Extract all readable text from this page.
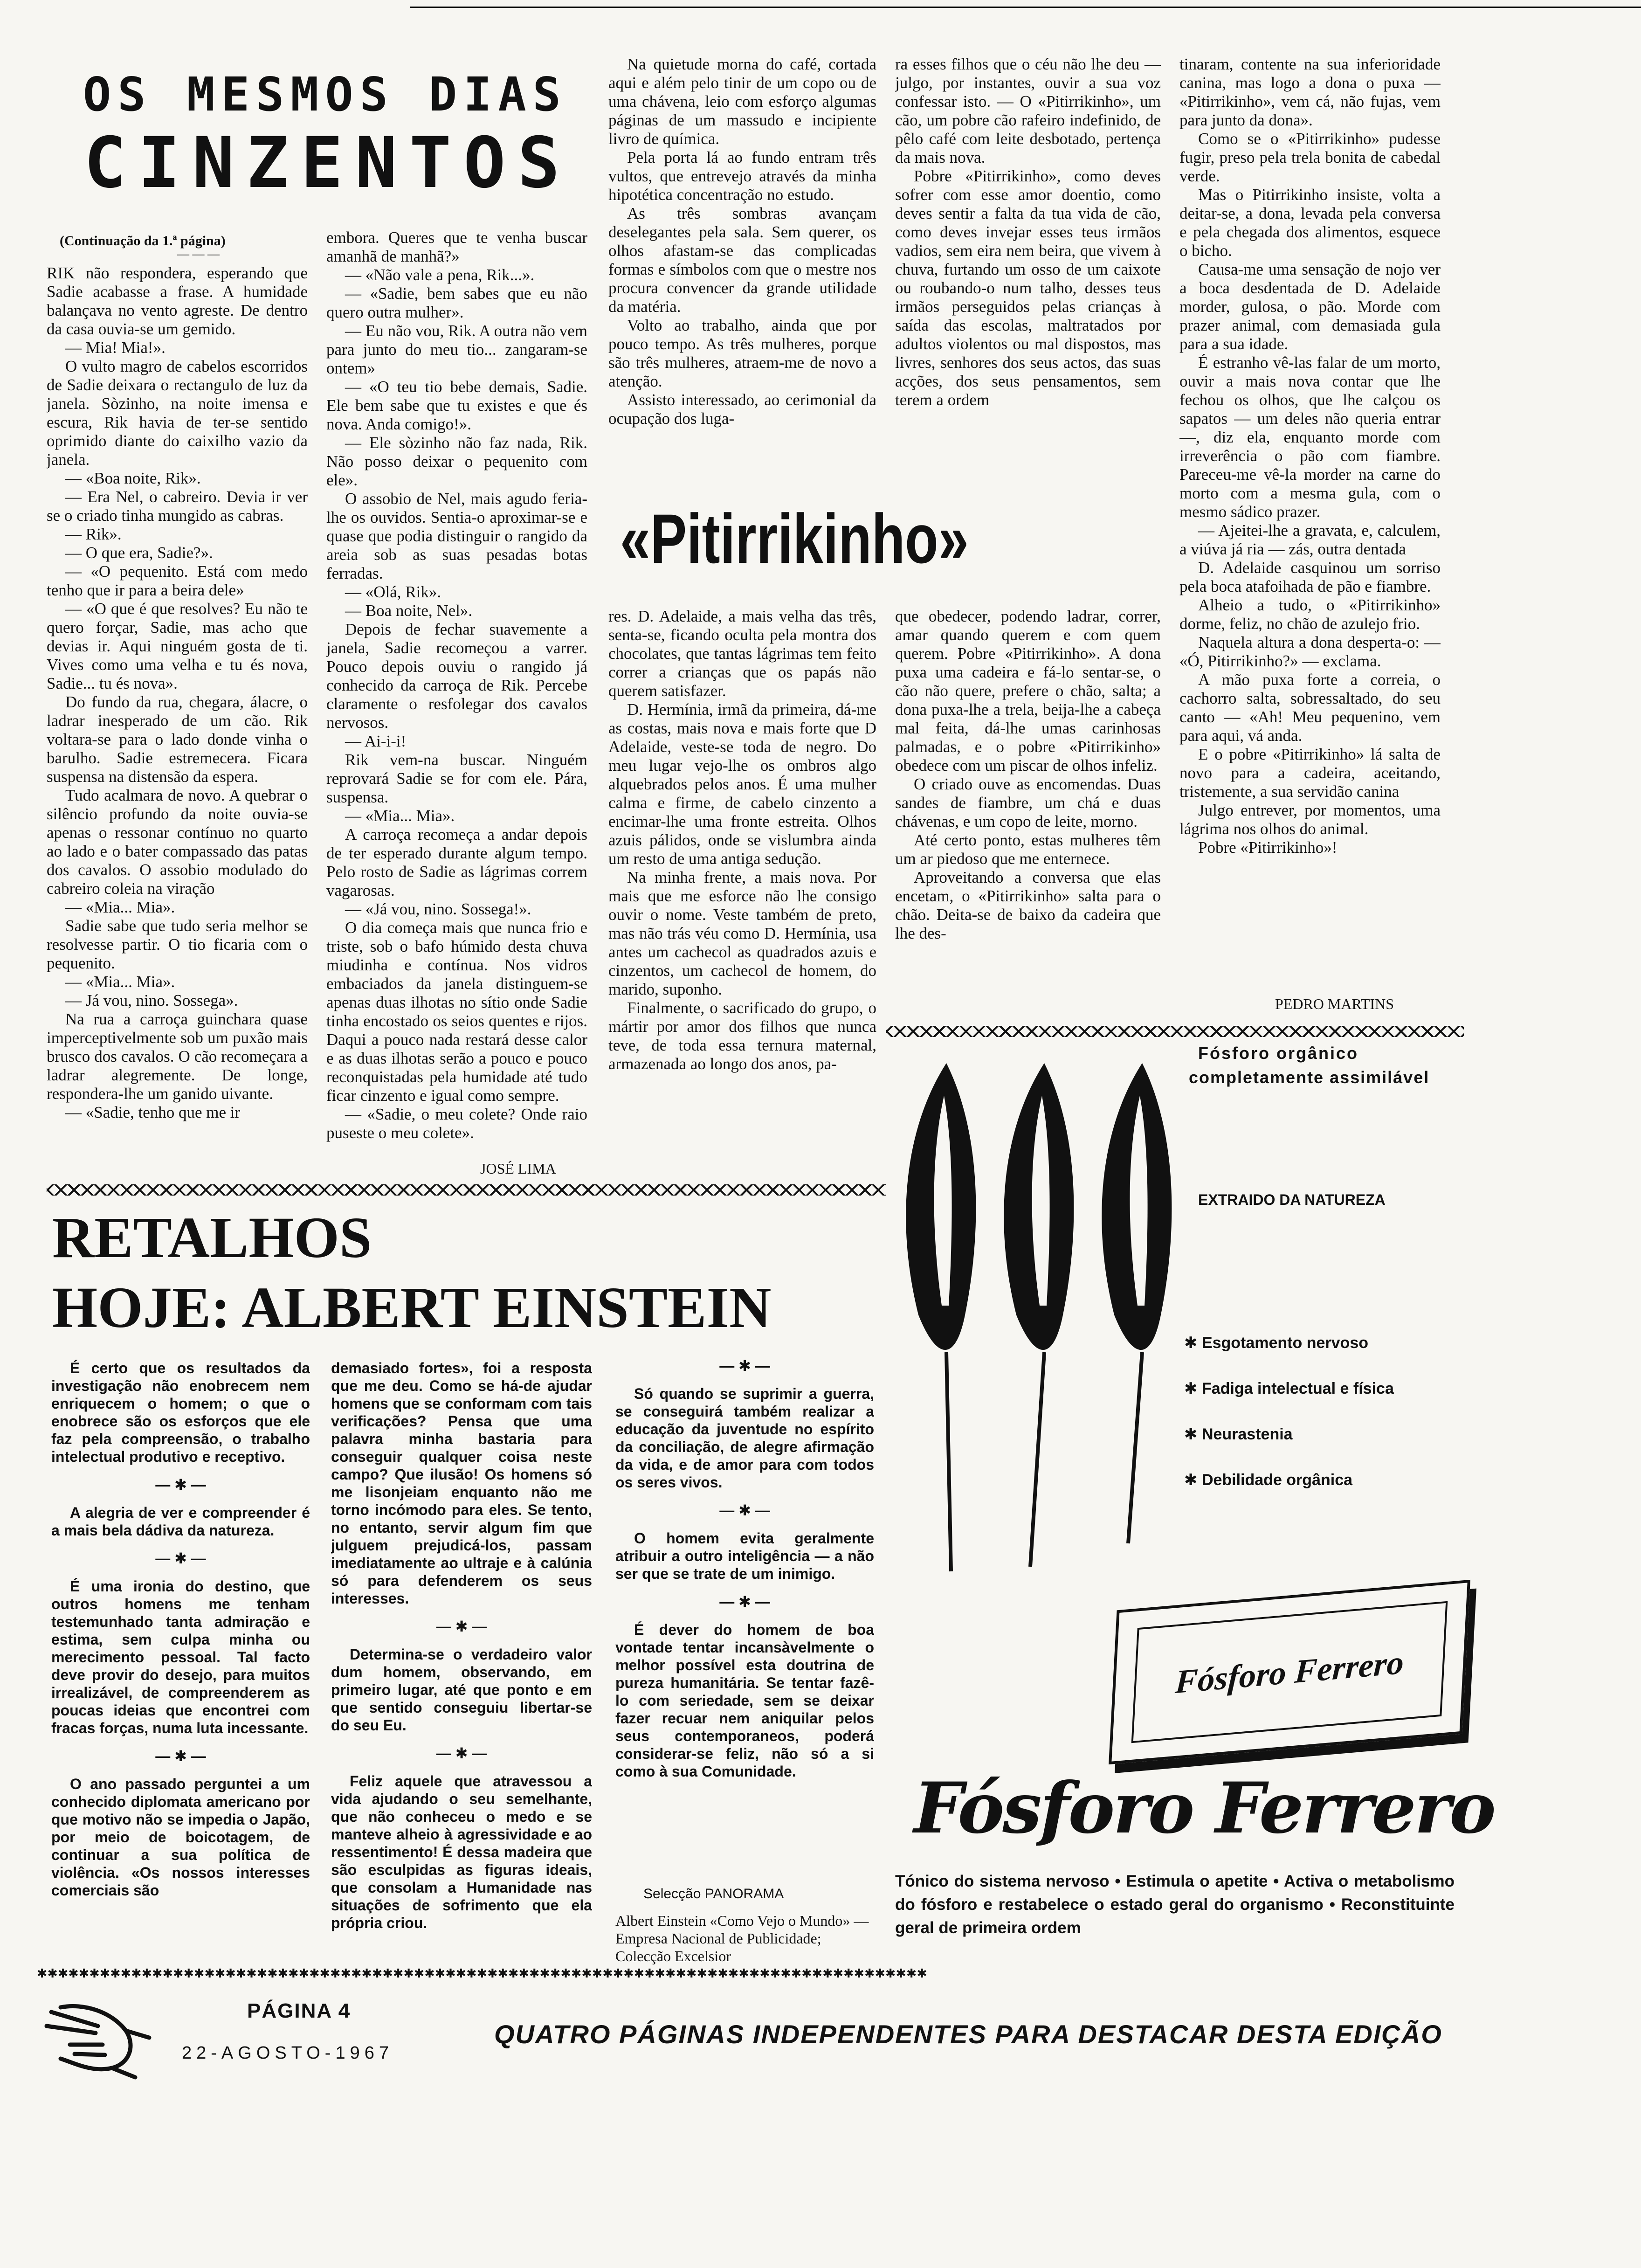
OS MESMOS DIAS
CINZENTOS
(Continuação da 1.ª página)
— — —

RIK não respondera, esperando que Sadie acabasse a frase. A humidade balançava no vento agreste. De dentro da casa ouvia-se um gemido.

— Mia! Mia!».

O vulto magro de cabelos escorridos de Sadie deixara o rectangulo de luz da janela. Sòzinho, na noite imensa e escura, Rik havia de ter-se sentido oprimido diante do caixilho vazio da janela.

— «Boa noite, Rik».

— Era Nel, o cabreiro. Devia ir ver se o criado tinha mungido as cabras.

— Rik».

— O que era, Sadie?».

— «O pequenito. Está com medo tenho que ir para a beira dele»

— «O que é que resolves? Eu não te quero forçar, Sadie, mas acho que devias ir. Aqui ninguém gosta de ti. Vives como uma velha e tu és nova, Sadie... tu és nova».

Do fundo da rua, chegara, álacre, o ladrar inesperado de um cão. Rik voltara-se para o lado donde vinha o barulho. Sadie estremecera. Ficara suspensa na distensão da espera.

Tudo acalmara de novo. A quebrar o silêncio profundo da noite ouvia-se apenas o ressonar contínuo no quarto ao lado e o bater compassado das patas dos cavalos. O assobio modulado do cabreiro coleia na viração

— «Mia... Mia».

Sadie sabe que tudo seria melhor se resolvesse partir. O tio ficaria com o pequenito.

— «Mia... Mia».

— Já vou, nino. Sossega».

Na rua a carroça guinchara quase imperceptivelmente sob um puxão mais brusco dos cavalos. O cão recomeçara a ladrar alegremente. De longe, respondera-lhe um ganido uivante.

— «Sadie, tenho que me ir

embora. Queres que te venha buscar amanhã de manhã?»

— «Não vale a pena, Rik...».

— «Sadie, bem sabes que eu não quero outra mulher».

— Eu não vou, Rik. A outra não vem para junto do meu tio... zangaram-se ontem»

— «O teu tio bebe demais, Sadie. Ele bem sabe que tu existes e que és nova. Anda comigo!».

— Ele sòzinho não faz nada, Rik. Não posso deixar o pequenito com ele».

O assobio de Nel, mais agudo feria-lhe os ouvidos. Sentia-o aproximar-se e quase que podia distinguir o rangido da areia sob as suas pesadas botas ferradas.

— «Olá, Rik».

— Boa noite, Nel».

Depois de fechar suavemente a janela, Sadie recomeçou a varrer. Pouco depois ouviu o rangido já conhecido da carroça de Rik. Percebe claramente o resfolegar dos cavalos nervosos.

— Ai-i-i!

Rik vem-na buscar. Ninguém reprovará Sadie se for com ele. Pára, suspensa.

— «Mia... Mia».

A carroça recomeça a andar depois de ter esperado durante algum tempo. Pelo rosto de Sadie as lágrimas correm vagarosas.

— «Já vou, nino. Sossega!».

O dia começa mais que nunca frio e triste, sob o bafo húmido desta chuva miudinha e contínua. Nos vidros embaciados da janela distinguem-se apenas duas ilhotas no sítio onde Sadie tinha encostado os seios quentes e rijos. Daqui a pouco nada restará desse calor e as duas ilhotas serão a pouco e pouco reconquistadas pela humidade até tudo ficar cinzento e igual como sempre.

— «Sadie, o meu colete? Onde raio puseste o meu colete».

JOSÉ LIMA

Na quietude morna do café, cortada aqui e além pelo tinir de um copo ou de uma chávena, leio com esforço algumas páginas de um massudo e incipiente livro de química.

Pela porta lá ao fundo entram três vultos, que entrevejo através da minha hipotética concentração no estudo.

As três sombras avançam deselegantes pela sala. Sem querer, os olhos afastam-se das complicadas formas e símbolos com que o mestre nos procura convencer da grande utilidade da matéria.

Volto ao trabalho, ainda que por pouco tempo. As três mulheres, porque são três mulheres, atraem-me de novo a atenção.

Assisto interessado, ao cerimonial da ocupação dos luga-

ra esses filhos que o céu não lhe deu — julgo, por instantes, ouvir a sua voz confessar isto. — O «Pitirrikinho», um cão, um pobre cão rafeiro indefinido, de pêlo café com leite desbotado, pertença da mais nova.

Pobre «Pitirrikinho», como deves sofrer com esse amor doentio, como deves sentir a falta da tua vida de cão, como deves invejar esses teus irmãos vadios, sem eira nem beira, que vivem à chuva, furtando um osso de um caixote ou roubando-o num talho, desses teus irmãos perseguidos pelas crianças à saída das escolas, maltratados por adultos violentos ou mal dispostos, mas livres, senhores dos seus actos, das suas acções, dos seus pensamentos, sem terem a ordem

tinaram, contente na sua inferioridade canina, mas logo a dona o puxa — «Pitirrikinho», vem cá, não fujas, vem para junto da dona».

Como se o «Pitirrikinho» pudesse fugir, preso pela trela bonita de cabedal verde.

Mas o Pitirrikinho insiste, volta a deitar-se, a dona, levada pela conversa e pela chegada dos alimentos, esquece o bicho.

Causa-me uma sensação de nojo ver a boca desdentada de D. Adelaide morder, gulosa, o pão. Morde com prazer animal, com demasiada gula para a sua idade.

É estranho vê-las falar de um morto, ouvir a mais nova contar que lhe fechou os olhos, que lhe calçou os sapatos — um deles não queria entrar —, diz ela, enquanto morde com irreverência o pão com fiambre. Pareceu-me vê-la morder na carne do morto com a mesma gula, com o mesmo sádico prazer.

— Ajeitei-lhe a gravata, e, calculem, a viúva já ria — zás, outra dentada

D. Adelaide casquinou um sorriso pela boca atafoihada de pão e fiambre.

Alheio a tudo, o «Pitirrikinho» dorme, feliz, no chão de azulejo frio.

Naquela altura a dona desperta-o: — «Ó, Pitirrikinho?» — exclama.

A mão puxa forte a correia, o cachorro salta, sobressaltado, do seu canto — «Ah! Meu pequenino, vem para aqui, vá anda.

E o pobre «Pitirrikinho» lá salta de novo para a cadeira, aceitando, tristemente, a sua servidão canina

Julgo entrever, por momentos, uma lágrima nos olhos do animal.

Pobre «Pitirrikinho»!

PEDRO MARTINS
«Pitirrikinho»

res. D. Adelaide, a mais velha das três, senta-se, ficando oculta pela montra dos chocolates, que tantas lágrimas tem feito correr a crianças que os papás não querem satisfazer.

D. Hermínia, irmã da primeira, dá-me as costas, mais nova e mais forte que D Adelaide, veste-se toda de negro. Do meu lugar vejo-lhe os ombros algo alquebrados pelos anos. É uma mulher calma e firme, de cabelo cinzento a encimar-lhe uma fronte estreita. Olhos azuis pálidos, onde se vislumbra ainda um resto de uma antiga sedução.

Na minha frente, a mais nova. Por mais que me esforce não lhe consigo ouvir o nome. Veste também de preto, mas não trás véu como D. Hermínia, usa antes um cachecol as quadrados azuis e cinzentos, um cachecol de homem, do marido, suponho.

Finalmente, o sacrificado do grupo, o mártir por amor dos filhos que nunca teve, de toda essa ternura maternal, armazenada ao longo dos anos, pa-

que obedecer, podendo ladrar, correr, amar quando querem e com quem querem. Pobre «Pitirrikinho». A dona puxa uma cadeira e fá-lo sentar-se, o cão não quere, prefere o chão, salta; a dona puxa-lhe a trela, beija-lhe a cabeça mal feita, dá-lhe umas carinhosas palmadas, e o pobre «Pitirrikinho» obedece com um piscar de olhos infeliz.

O criado ouve as encomendas. Duas sandes de fiambre, um chá e duas chávenas, e um copo de leite, morno.

Até certo ponto, estas mulheres têm um ar piedoso que me enternece.

Aproveitando a conversa que elas encetam, o «Pitirrikinho» salta para o chão. Deita-se de baixo da cadeira que lhe des-

RETALHOS
HOJE: ALBERT EINSTEIN

É certo que os resultados da investigação não enobrecem nem enriquecem o homem; o que o enobrece são os esforços que ele faz pela compreensão, o trabalho intelectual produtivo e receptivo.

— ✱ —

A alegria de ver e compreender é a mais bela dádiva da natureza.

— ✱ —

É uma ironia do destino, que outros homens me tenham testemunhado tanta admiração e estima, sem culpa minha ou merecimento pessoal. Tal facto deve provir do desejo, para muitos irrealizável, de compreenderem as poucas ideias que encontrei com fracas forças, numa luta incessante.

— ✱ —

O ano passado perguntei a um conhecido diplomata americano por que motivo não se impedia o Japão, por meio de boicotagem, de continuar a sua política de violência. «Os nossos interesses comerciais são

demasiado fortes», foi a resposta que me deu. Como se há-de ajudar homens que se conformam com tais verificações? Pensa que uma palavra minha bastaria para conseguir qualquer coisa neste campo? Que ilusão! Os homens só me lisonjeiam enquanto não me torno incómodo para eles. Se tento, no entanto, servir algum fim que julguem prejudicá-los, passam imediatamente ao ultraje e à calúnia só para defenderem os seus interesses.

— ✱ —

Determina-se o verdadeiro valor dum homem, observando, em primeiro lugar, até que ponto e em que sentido conseguiu libertar-se do seu Eu.

— ✱ —

Feliz aquele que atravessou a vida ajudando o seu semelhante, que não conheceu o medo e se manteve alheio à agressividade e ao ressentimento! É dessa madeira que são esculpidas as figuras ideais, que consolam a Humanidade nas situações de sofrimento que ela própria criou.

— ✱ —

Só quando se suprimir a guerra, se conseguirá também realizar a educação da juventude no espírito da conciliação, de alegre afirmação da vida, e de amor para com todos os seres vivos.

— ✱ —

O homem evita geralmente atribuir a outro inteligência — a não ser que se trate de um inimigo.

— ✱ —

É dever do homem de boa vontade tentar incansàvelmente o melhor possível esta doutrina de pureza humanitária. Se tentar fazê-lo com seriedade, sem se deixar fazer recuar nem aniquilar pelos seus contemporaneos, poderá considerar-se feliz, não só a si como à sua Comunidade.

Selecção PANORAMA
Albert Einstein «Como Vejo o Mundo» — Empresa Nacional de Publicidade; Colecção Excelsior
Fósforo orgânico
completamente assimilável
EXTRAIDO DA NATUREZA
✱ Esgotamento nervoso
✱ Fadiga intelectual e física
✱ Neurastenia
✱ Debilidade orgânica
Fósforo Ferrero
Fósforo Ferrero
Tónico do sistema nervoso • Estimula o apetite • Activa o metabolismo do fósforo e restabelece o estado geral do organismo • Reconstituinte geral de primeira ordem
✱✱✱✱✱✱✱✱✱✱✱✱✱✱✱✱✱✱✱✱✱✱✱✱✱✱✱✱✱✱✱✱✱✱✱✱✱✱✱✱✱✱✱✱✱✱✱✱✱✱✱✱✱✱✱✱✱✱✱✱✱✱✱✱✱✱✱✱✱✱✱✱✱✱✱✱✱✱✱✱✱✱✱✱✱
PÁGINA 4
22-AGOSTO-1967
QUATRO PÁGINAS INDEPENDENTES PARA DESTACAR DESTA EDIÇÃO
